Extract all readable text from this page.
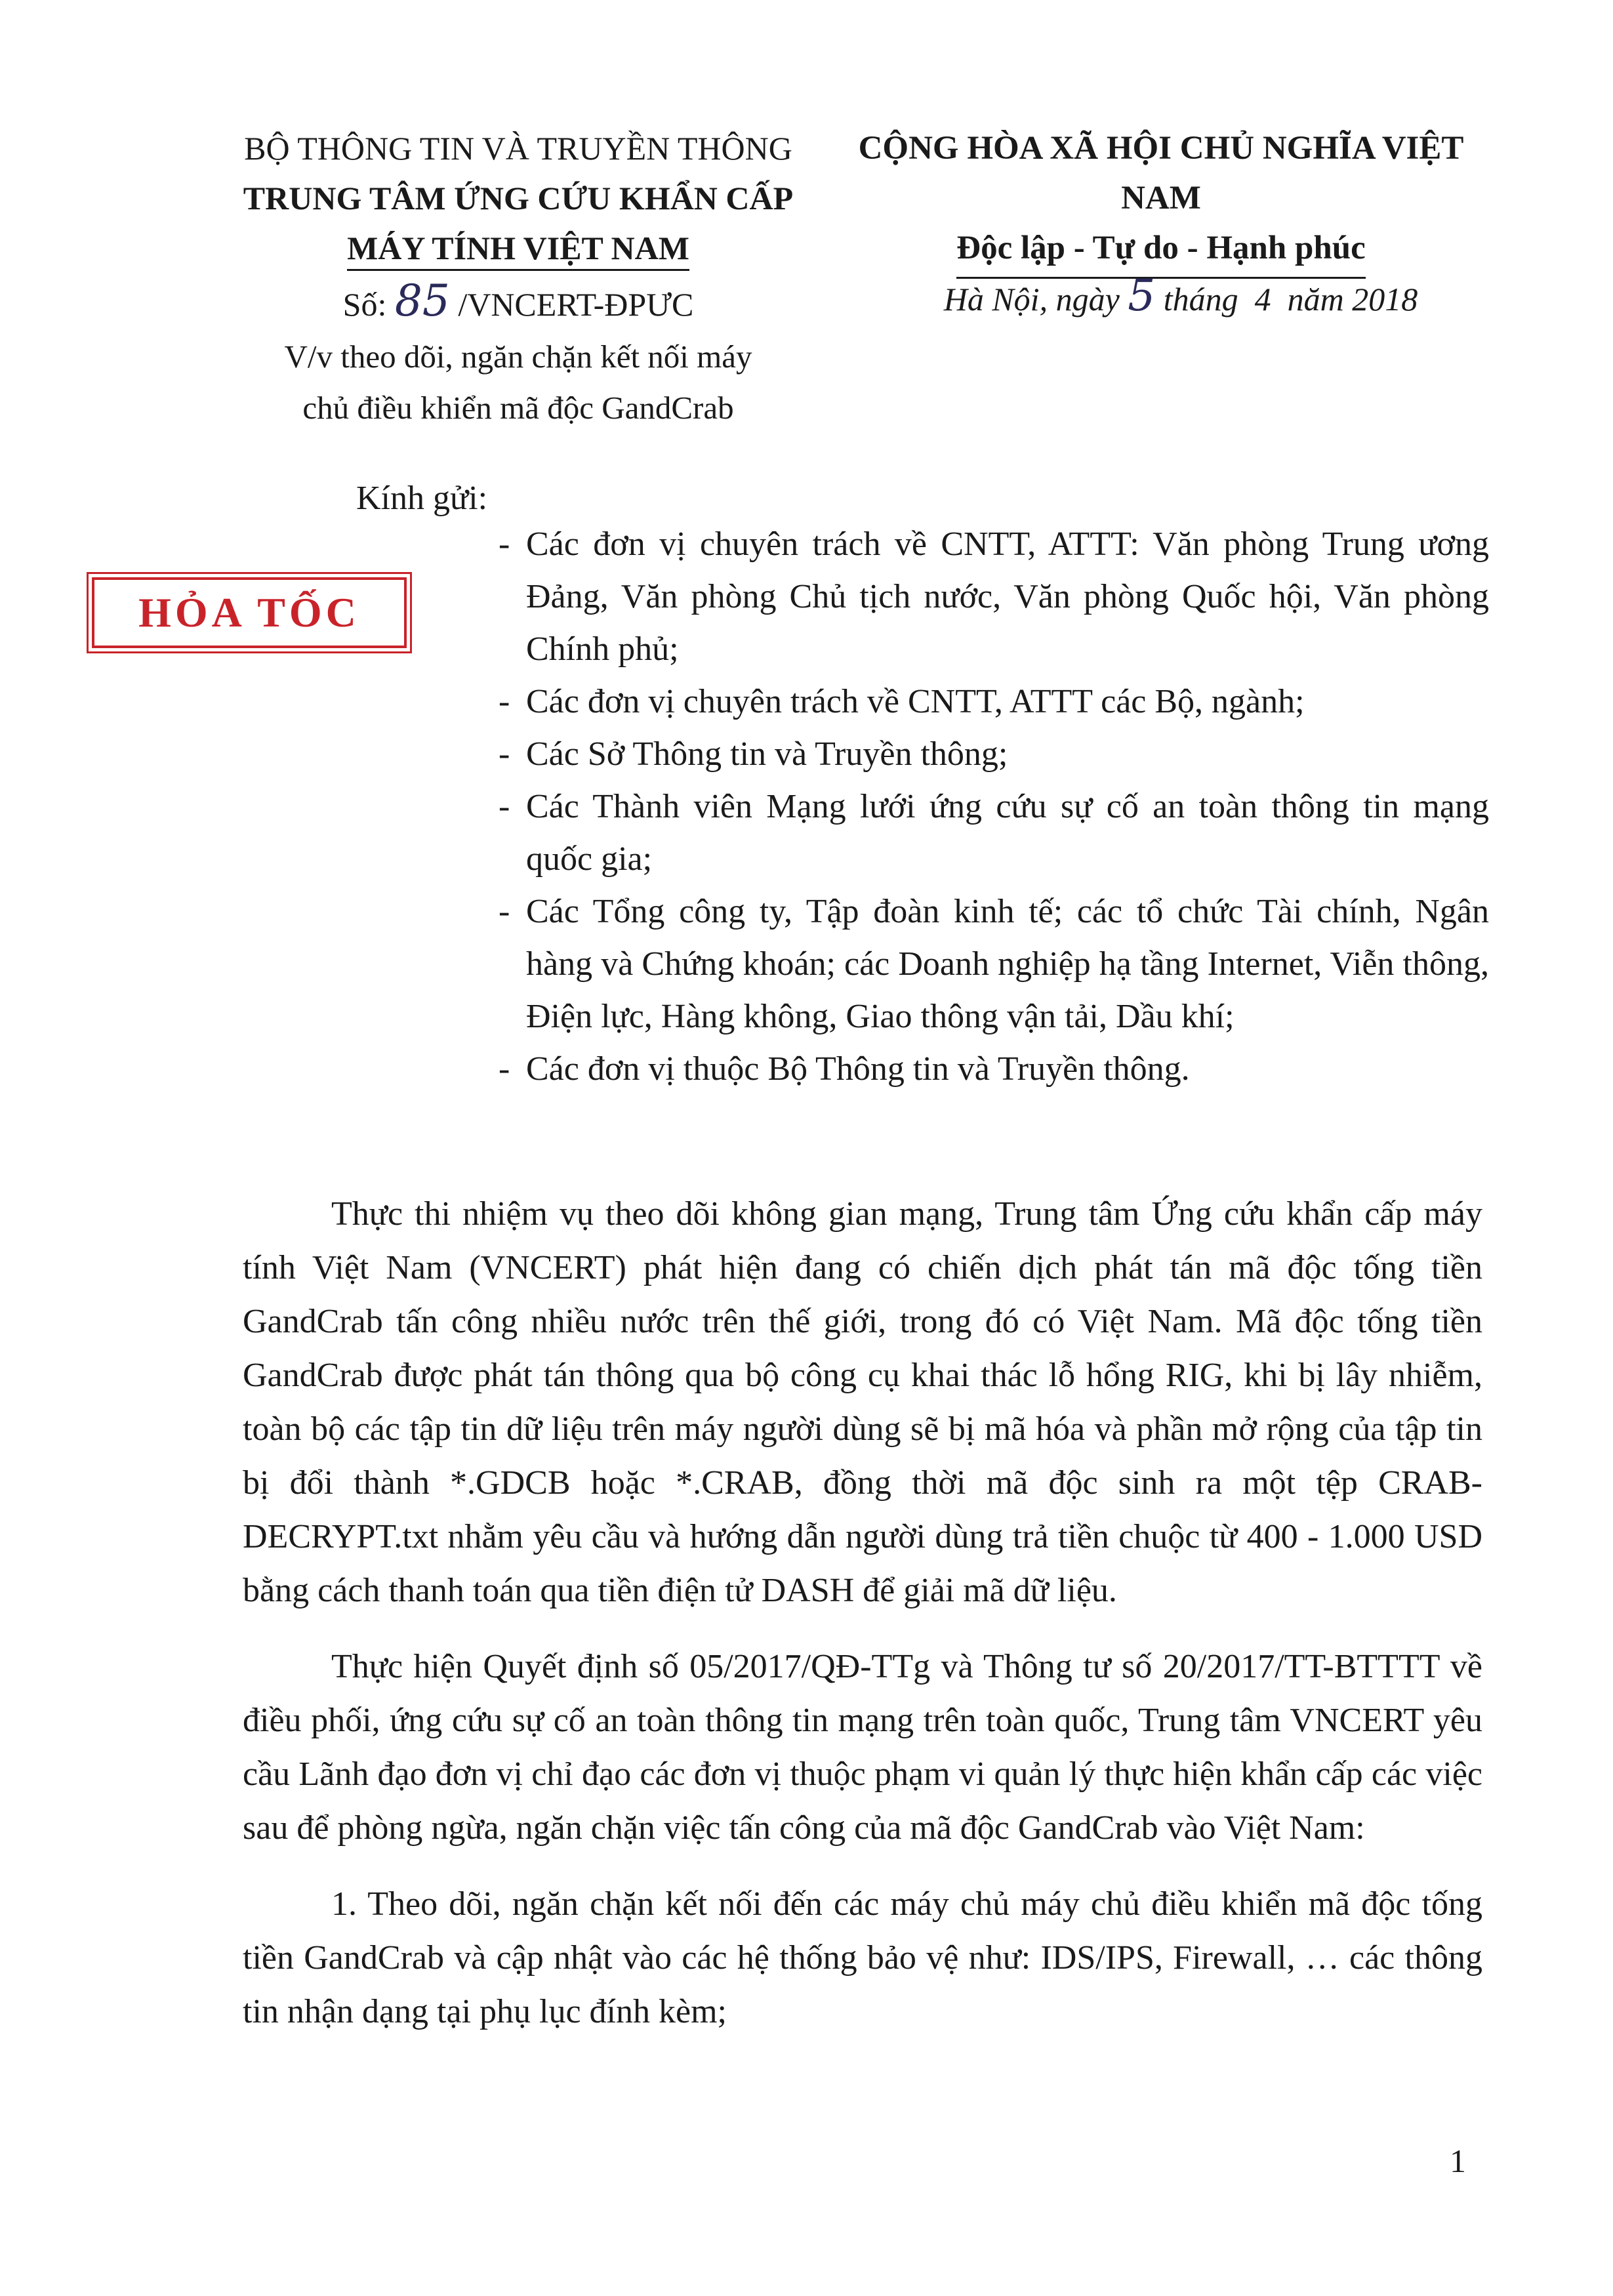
BỘ THÔNG TIN VÀ TRUYỀN THÔNG
TRUNG TÂM ỨNG CỨU KHẨN CẤP
MÁY TÍNH VIỆT NAM
Số: 85 /VNCERT-ĐPƯC
V/v theo dõi, ngăn chặn kết nối máy
chủ điều khiển mã độc GandCrab
CỘNG HÒA XÃ HỘI CHỦ NGHĨA VIỆT NAM
Độc lập - Tự do - Hạnh phúc
Hà Nội, ngày 5 tháng  4  năm 2018
HỎA TỐC
Kính gửi:
- Các đơn vị chuyên trách về CNTT, ATTT: Văn phòng Trung ương Đảng, Văn phòng Chủ tịch nước, Văn phòng Quốc hội, Văn phòng Chính phủ;
- Các đơn vị chuyên trách về CNTT, ATTT các Bộ, ngành;
- Các Sở Thông tin và Truyền thông;
- Các Thành viên Mạng lưới ứng cứu sự cố an toàn thông tin mạng quốc gia;
- Các Tổng công ty, Tập đoàn kinh tế; các tổ chức Tài chính, Ngân hàng và Chứng khoán; các Doanh nghiệp hạ tầng Internet, Viễn thông, Điện lực, Hàng không, Giao thông vận tải, Dầu khí;
- Các đơn vị thuộc Bộ Thông tin và Truyền thông.

Thực thi nhiệm vụ theo dõi không gian mạng, Trung tâm Ứng cứu khẩn cấp máy tính Việt Nam (VNCERT) phát hiện đang có chiến dịch phát tán mã độc tống tiền GandCrab tấn công nhiều nước trên thế giới, trong đó có Việt Nam. Mã độc tống tiền GandCrab được phát tán thông qua bộ công cụ khai thác lỗ hổng RIG, khi bị lây nhiễm, toàn bộ các tập tin dữ liệu trên máy người dùng sẽ bị mã hóa và phần mở rộng của tập tin bị đổi thành *.GDCB hoặc *.CRAB, đồng thời mã độc sinh ra một tệp CRAB-DECRYPT.txt nhằm yêu cầu và hướng dẫn người dùng trả tiền chuộc từ 400 - 1.000 USD bằng cách thanh toán qua tiền điện tử DASH để giải mã dữ liệu.

Thực hiện Quyết định số 05/2017/QĐ-TTg và Thông tư số 20/2017/TT-BTTTT về điều phối, ứng cứu sự cố an toàn thông tin mạng trên toàn quốc, Trung tâm VNCERT yêu cầu Lãnh đạo đơn vị chỉ đạo các đơn vị thuộc phạm vi quản lý thực hiện khẩn cấp các việc sau để phòng ngừa, ngăn chặn việc tấn công của mã độc GandCrab vào Việt Nam:

1. Theo dõi, ngăn chặn kết nối đến các máy chủ máy chủ điều khiển mã độc tống tiền GandCrab và cập nhật vào các hệ thống bảo vệ như: IDS/IPS, Firewall, … các thông tin nhận dạng tại phụ lục đính kèm;

1
